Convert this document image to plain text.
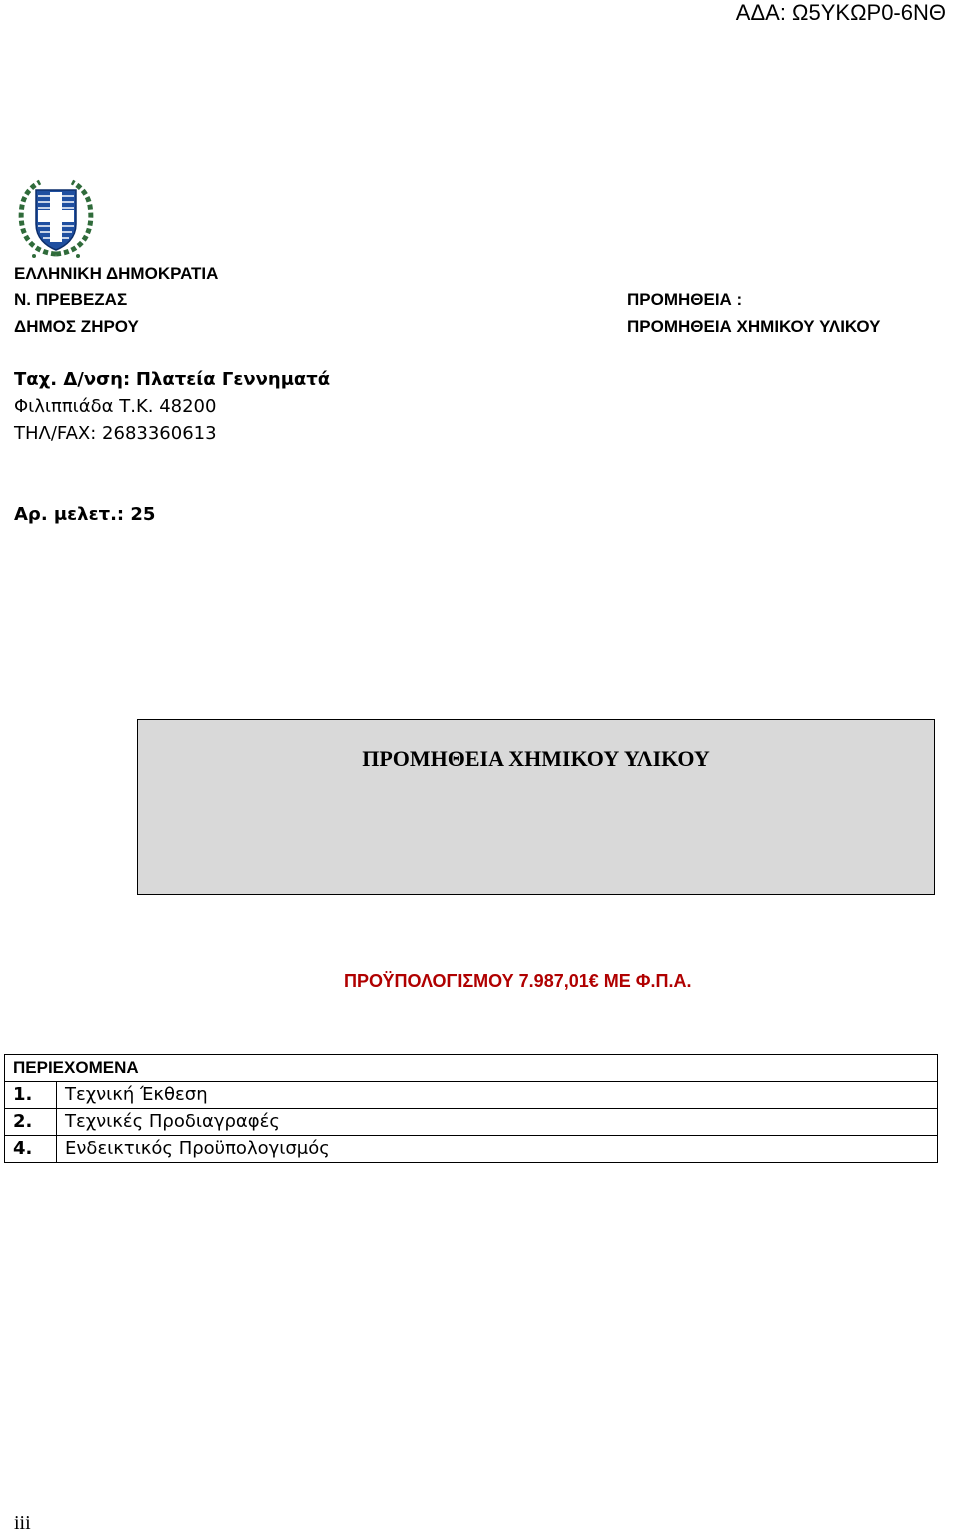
ΑΔΑ: Ω5ΥΚΩΡ0-6ΝΘ
ΕΛΛΗΝΙΚΗ ΔΗΜΟΚΡΑΤΙΑ
Ν. ΠΡΕΒΕΖΑΣ
ΔΗΜΟΣ ΖΗΡΟΥ
ΠΡΟΜΗΘΕΙΑ :
ΠΡΟΜΗΘΕΙΑ ΧΗΜΙΚΟΥ ΥΛΙΚΟΥ
Ταχ. Δ/νση: Πλατεία Γεννηματά
Φιλιππιάδα Τ.Κ. 48200
ΤΗΛ/FAX: 2683360613
Αρ. μελετ.: 25
ΠΡΟΜΗΘΕΙΑ ΧΗΜΙΚΟΥ ΥΛΙΚΟΥ
ΠΡΟΫΠΟΛΟΓΙΣΜΟΥ 7.987,01€ ΜΕ Φ.Π.Α.
ΠΕΡΙΕΧΟΜΕΝΑ	
1.	Τεχνική Έκθεση
2.	Τεχνικές Προδιαγραφές
4.	Ενδεικτικός Προϋπολογισμός
iii
